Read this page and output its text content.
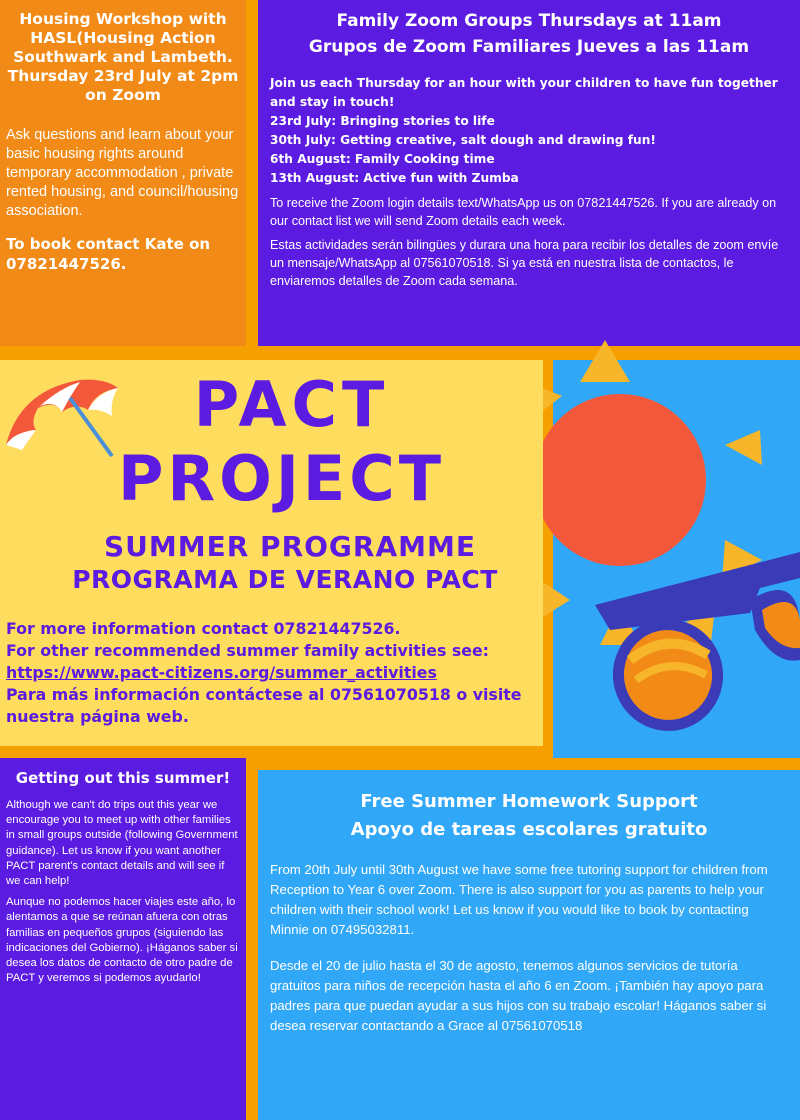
Housing Workshop with HASL(Housing Action Southwark and Lambeth. Thursday 23rd July at 2pm on Zoom
Ask questions and learn about your basic housing rights around temporary accommodation , private rented housing, and council/housing association.
To book contact Kate on 07821447526.
Family Zoom Groups Thursdays at 11am
Grupos de Zoom Familiares Jueves a las 11am
Join us each Thursday for an hour with your children to have fun together and stay in touch!
23rd July: Bringing stories to life
30th July: Getting creative, salt dough and drawing fun!
6th August: Family Cooking time
13th August: Active fun with Zumba
To receive the Zoom login details text/WhatsApp us on 07821447526. If you are already on our contact list we will send Zoom details each week.
Estas actividades serán bilingües y durara una hora para recibir los detalles de zoom envíe un mensaje/WhatsApp al 07561070518. Si ya está en nuestra lista de contactos, le enviaremos detalles de Zoom cada semana.
PACT
PROJECT
SUMMER PROGRAMME
PROGRAMA DE VERANO PACT
For more information contact 07821447526.
For other recommended summer family activities see:
https://www.pact-citizens.org/summer_activities
Para más información contáctese al 07561070518 o visite nuestra página web.
Getting out this summer!
Although we can't do trips out this year we encourage you to meet up with other families in small groups outside (following Government guidance). Let us know if you want another PACT parent's contact details and will see if we can help!
Aunque no podemos hacer viajes este año, lo alentamos a que se reúnan afuera con otras familias en pequeños grupos (siguiendo las indicaciones del Gobierno). ¡Háganos saber si desea los datos de contacto de otro padre de PACT y veremos si podemos ayudarlo!
Free Summer Homework Support
Apoyo de tareas escolares gratuito
From 20th July until 30th August we have some free tutoring support for children from Reception to Year 6 over Zoom. There is also support for you as parents to help your children with their school work! Let us know if you would like to book by contacting Minnie on 07495032811.
Desde el 20 de julio hasta el 30 de agosto, tenemos algunos servicios de tutoría gratuitos para niños de recepción hasta el año 6 en Zoom. ¡También hay apoyo para padres para que puedan ayudar a sus hijos con su trabajo escolar! Háganos saber si desea reservar contactando a Grace al 07561070518
